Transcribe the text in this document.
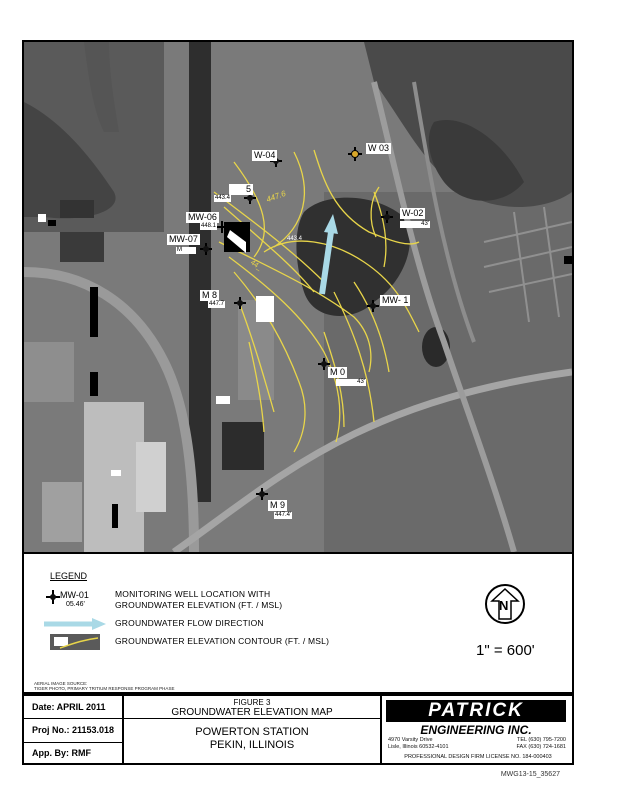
W-04
W 03
5
443.4
W-02
43'
MW-06
448.1
MW-07
M
MW- 1
M 8
447.7
M 0
43'
M 9
447.4'
447.6
443.4
44_
LEGEND
MW-01
05.46'
MONITORING WELL LOCATION WITH
GROUNDWATER ELEVATION (FT. / MSL)
GROUNDWATER FLOW DIRECTION
GROUNDWATER ELEVATION CONTOUR (FT. / MSL)
N
1" = 600'
AERIAL IMAGE SOURCE:
TIGER PHOTO, PRIMARY TRITIUM RESPONSE PROGRAM PHASE
Date: APRIL 2011
Proj No.: 21153.018
App. By: RMF
FIGURE 3
GROUNDWATER ELEVATION MAP
POWERTON STATION
PEKIN, ILLINOIS
PATRICK
ENGINEERING INC.
4970 Varsity Drive
Lisle, Illinois 60532-4101
TEL (630) 795-7200
FAX (630) 724-1681
PROFESSIONAL DESIGN FIRM LICENSE NO. 184-000403
MWG13-15_35627
